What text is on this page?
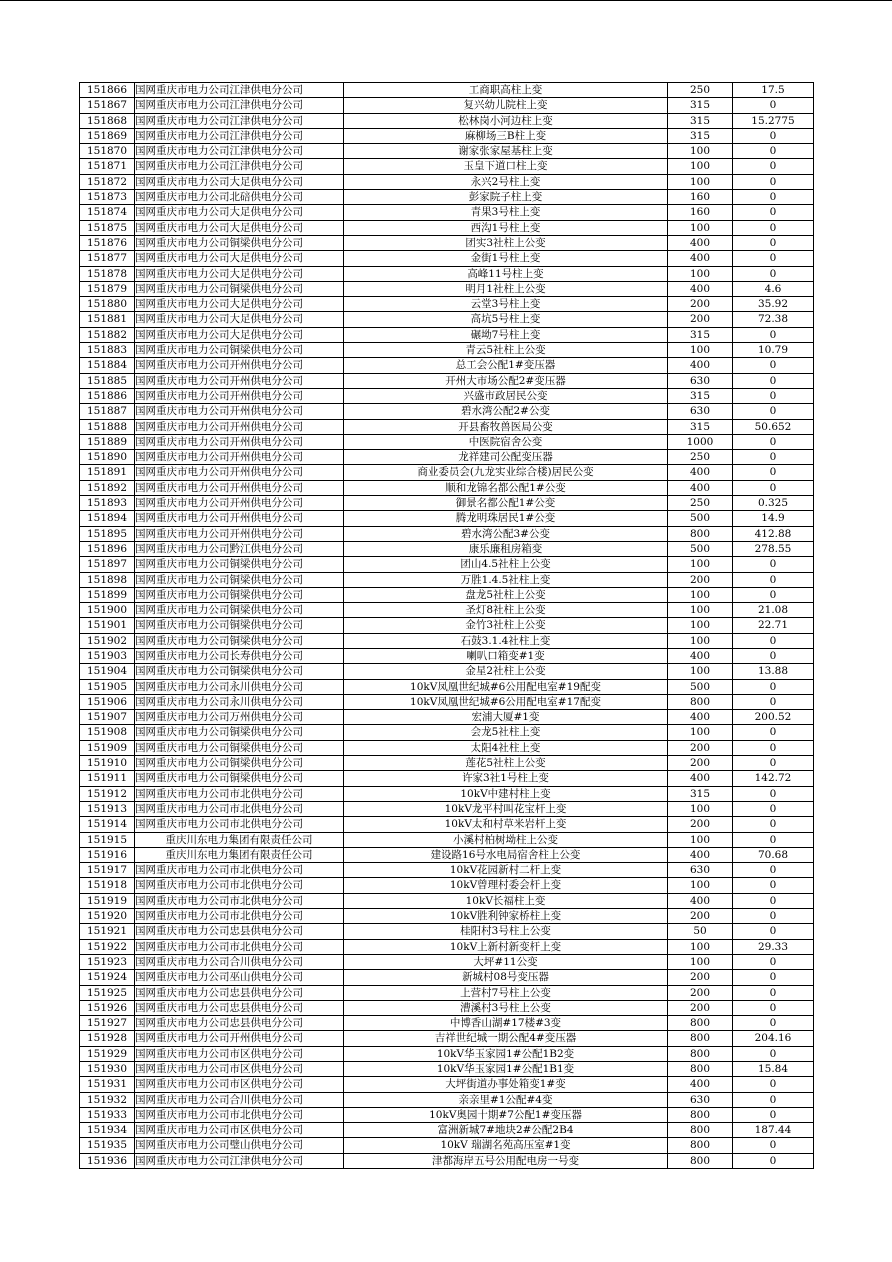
151866	国网重庆市电力公司江津供电分公司	工商职高柱上变	250	17.5
151867	国网重庆市电力公司江津供电分公司	复兴幼儿院柱上变	315	0
151868	国网重庆市电力公司江津供电分公司	松林岗小河边柱上变	315	15.2775
151869	国网重庆市电力公司江津供电分公司	麻柳场三B柱上变	315	0
151870	国网重庆市电力公司江津供电分公司	谢家张家屋基柱上变	100	0
151871	国网重庆市电力公司江津供电分公司	玉皇下道口柱上变	100	0
151872	国网重庆市电力公司大足供电分公司	永兴2号柱上变	100	0
151873	国网重庆市电力公司北碚供电分公司	彭家院子柱上变	160	0
151874	国网重庆市电力公司大足供电分公司	青果3号柱上变	160	0
151875	国网重庆市电力公司大足供电分公司	西沟1号柱上变	100	0
151876	国网重庆市电力公司铜梁供电分公司	团实3社柱上公变	400	0
151877	国网重庆市电力公司大足供电分公司	金街1号柱上变	400	0
151878	国网重庆市电力公司大足供电分公司	高峰11号柱上变	100	0
151879	国网重庆市电力公司铜梁供电分公司	明月1社柱上公变	400	4.6
151880	国网重庆市电力公司大足供电分公司	云堂3号柱上变	200	35.92
151881	国网重庆市电力公司大足供电分公司	高坑5号柱上变	200	72.38
151882	国网重庆市电力公司大足供电分公司	碾坳7号柱上变	315	0
151883	国网重庆市电力公司铜梁供电分公司	青云5社柱上公变	100	10.79
151884	国网重庆市电力公司开州供电分公司	总工会公配1#变压器	400	0
151885	国网重庆市电力公司开州供电分公司	开州大市场公配2#变压器	630	0
151886	国网重庆市电力公司开州供电分公司	兴盛市政居民公变	315	0
151887	国网重庆市电力公司开州供电分公司	碧水湾公配2#公变	630	0
151888	国网重庆市电力公司开州供电分公司	开县畜牧兽医局公变	315	50.652
151889	国网重庆市电力公司开州供电分公司	中医院宿舍公变	1000	0
151890	国网重庆市电力公司开州供电分公司	龙祥建司公配变压器	250	0
151891	国网重庆市电力公司开州供电分公司	商业委员会(九龙实业综合楼)居民公变	400	0
151892	国网重庆市电力公司开州供电分公司	顺和龙锦名都公配1#公变	400	0
151893	国网重庆市电力公司开州供电分公司	御景名都公配1#公变	250	0.325
151894	国网重庆市电力公司开州供电分公司	腾龙明珠居民1#公变	500	14.9
151895	国网重庆市电力公司开州供电分公司	碧水湾公配3#公变	800	412.88
151896	国网重庆市电力公司黔江供电分公司	康乐廉租房箱变	500	278.55
151897	国网重庆市电力公司铜梁供电分公司	团山4.5社柱上公变	100	0
151898	国网重庆市电力公司铜梁供电分公司	万胜1.4.5社柱上变	200	0
151899	国网重庆市电力公司铜梁供电分公司	盘龙5社柱上公变	100	0
151900	国网重庆市电力公司铜梁供电分公司	圣灯8社柱上公变	100	21.08
151901	国网重庆市电力公司铜梁供电分公司	金竹3社柱上公变	100	22.71
151902	国网重庆市电力公司铜梁供电分公司	石鼓3.1.4社柱上变	100	0
151903	国网重庆市电力公司长寿供电分公司	喇叭口箱变#1变	400	0
151904	国网重庆市电力公司铜梁供电分公司	金星2社柱上公变	100	13.88
151905	国网重庆市电力公司永川供电分公司	10kV凤凰世纪城#6公用配电室#19配变	500	0
151906	国网重庆市电力公司永川供电分公司	10kV凤凰世纪城#6公用配电室#17配变	800	0
151907	国网重庆市电力公司万州供电分公司	宏浦大厦#1变	400	200.52
151908	国网重庆市电力公司铜梁供电分公司	会龙5社柱上变	100	0
151909	国网重庆市电力公司铜梁供电分公司	太阳4社柱上变	200	0
151910	国网重庆市电力公司铜梁供电分公司	莲花5社柱上公变	200	0
151911	国网重庆市电力公司铜梁供电分公司	许家3社1号柱上变	400	142.72
151912	国网重庆市电力公司市北供电分公司	10kV中建村柱上变	315	0
151913	国网重庆市电力公司市北供电分公司	10kV龙平村叫花宝杆上变	100	0
151914	国网重庆市电力公司市北供电分公司	10kV太和村草米岩杆上变	200	0
151915	重庆川东电力集团有限责任公司	小溪村柏树坳柱上公变	100	0
151916	重庆川东电力集团有限责任公司	建设路16号水电局宿舍柱上公变	400	70.68
151917	国网重庆市电力公司市北供电分公司	10kV花园新村二杆上变	630	0
151918	国网重庆市电力公司市北供电分公司	10kV曾理村委会杆上变	100	0
151919	国网重庆市电力公司市北供电分公司	10kV长福柱上变	400	0
151920	国网重庆市电力公司市北供电分公司	10kV胜利钟家桥柱上变	200	0
151921	国网重庆市电力公司忠县供电分公司	桂阳村3号柱上公变	50	0
151922	国网重庆市电力公司市北供电分公司	10kV上新村新变杆上变	100	29.33
151923	国网重庆市电力公司合川供电分公司	大坪#11公变	100	0
151924	国网重庆市电力公司巫山供电分公司	新城村08号变压器	200	0
151925	国网重庆市电力公司忠县供电分公司	上营村7号柱上公变	200	0
151926	国网重庆市电力公司忠县供电分公司	漕溪村3号柱上公变	200	0
151927	国网重庆市电力公司忠县供电分公司	中博香山湖#17楼#3变	800	0
151928	国网重庆市电力公司开州供电分公司	吉祥世纪城一期公配4#变压器	800	204.16
151929	国网重庆市电力公司市区供电分公司	10kV华玉家园1#公配1B2变	800	0
151930	国网重庆市电力公司市区供电分公司	10kV华玉家园1#公配1B1变	800	15.84
151931	国网重庆市电力公司市区供电分公司	大坪街道办事处箱变1#变	400	0
151932	国网重庆市电力公司合川供电分公司	亲亲里#1公配#4变	630	0
151933	国网重庆市电力公司市北供电分公司	10kV奥园十期#7公配1#变压器	800	0
151934	国网重庆市电力公司市区供电分公司	富洲新城7#地块2#公配2B4	800	187.44
151935	国网重庆市电力公司璧山供电分公司	10kV 瑞湖名苑高压室#1变	800	0
151936	国网重庆市电力公司江津供电分公司	津都海岸五号公用配电房一号变	800	0
